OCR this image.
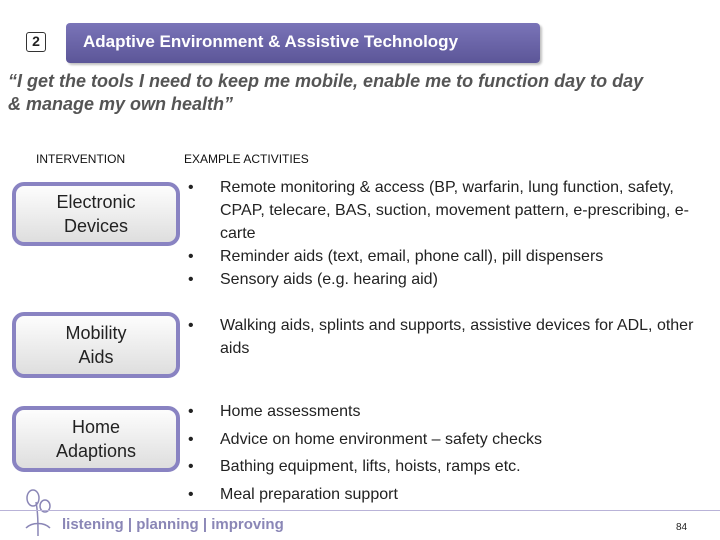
2	Adaptive Environment & Assistive Technology
“I get the tools I need to keep me mobile, enable me to function day to day
& manage my own health”
INTERVENTION	EXAMPLE ACTIVITIES
Electronic
Devices
• Remote monitoring & access (BP, warfarin, lung function, safety, CPAP, telecare, BAS, suction, movement pattern, e-prescribing, e-carte
• Reminder aids (text, email, phone call), pill dispensers
• Sensory aids (e.g. hearing aid)
Mobility
Aids
• Walking aids, splints and supports, assistive devices for ADL, other aids
Home
Adaptions
• Home assessments
• Advice on home environment – safety checks
• Bathing equipment, lifts, hoists, ramps etc.
• Meal preparation support
listening | planning | improving	84
